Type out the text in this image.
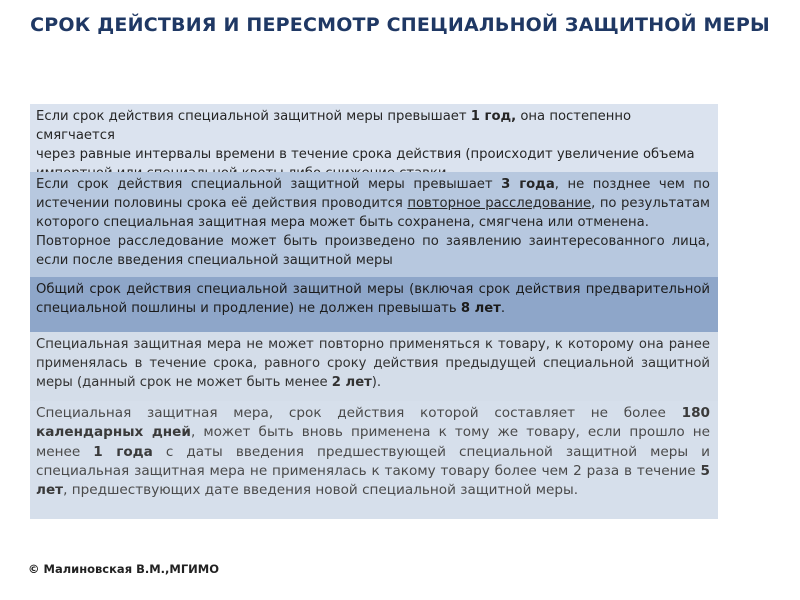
СРОК ДЕЙСТВИЯ И ПЕРЕСМОТР СПЕЦИАЛЬНОЙ ЗАЩИТНОЙ МЕРЫ

Если срок действия специальной защитной меры превышает 1 год, она постепенно смягчается

через равные интервалы времени в течение срока действия (происходит увеличение объема

Если срок действия специальной защитной меры превышает 3 года, не позднее чем по истечении половины срока её действия проводится повторное расследование, по результатам которого специальная защитная мера может быть сохранена, смягчена или отменена.

Повторное расследование может быть произведено по заявлению заинтересованного лица, если после введения специальной защитной меры

Общий срок действия специальной защитной меры (включая срок действия предварительной специальной пошлины и продление) не должен превышать 8 лет.

Специальная защитная мера не может повторно применяться к товару, к которому она ранее применялась в течение срока, равного сроку действия предыдущей специальной защитной меры (данный срок не может быть менее 2 лет).

Специальная защитная мера, срок действия которой составляет не более 180 календарных дней, может быть вновь применена к тому же товару, если прошло не менее 1 года с даты введения предшествующей специальной защитной меры и специальная защитная мера не применялась к такому товару более чем 2 раза в течение 5 лет, предшествующих дате введения новой специальной защитной меры.

© Малиновская В.М.,МГИМО
